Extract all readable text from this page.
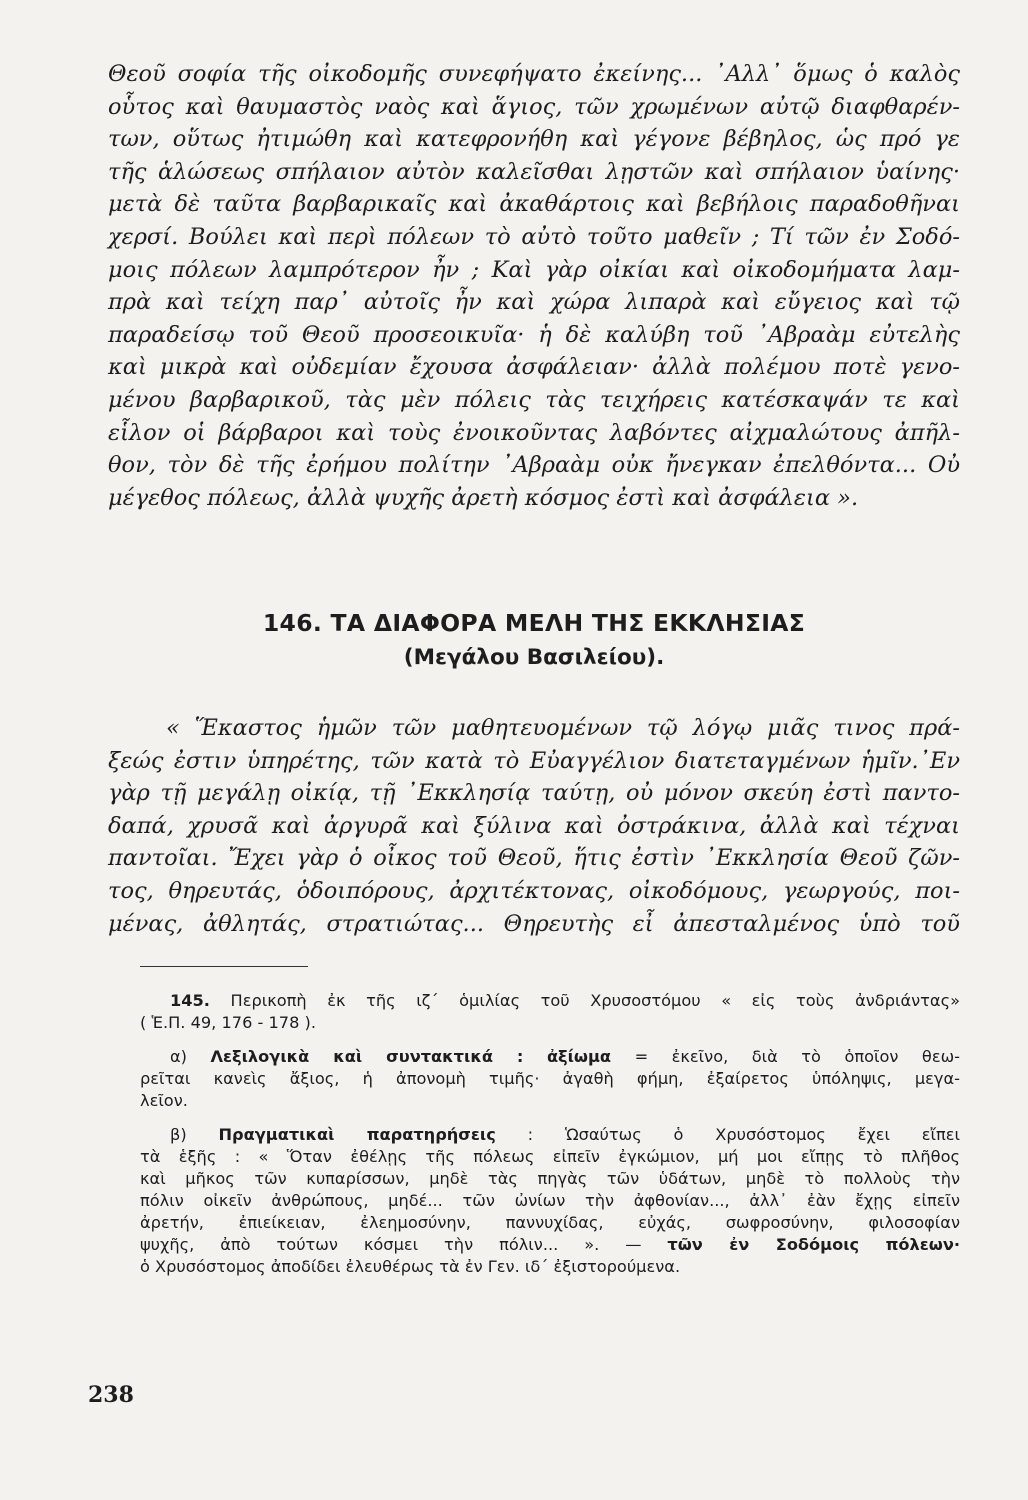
Θεοῦ σοφία τῆς οἰκοδομῆς συνεφήψατο ἐκείνης... ᾿Αλλ᾿ ὅμως ὁ καλὸς
οὗτος καὶ θαυμαστὸς ναὸς καὶ ἅγιος, τῶν χρωμένων αὐτῷ διαφθαρέν-
των, οὕτως ἠτιμώθη καὶ κατεφρονήθη καὶ γέγονε βέβηλος, ὡς πρό γε
τῆς ἁλώσεως σπήλαιον αὐτὸν καλεῖσθαι λῃστῶν καὶ σπήλαιον ὑαίνης·
μετὰ δὲ ταῦτα βαρβαρικαῖς καὶ ἀκαθάρτοις καὶ βεβήλοις παραδοθῆναι
χερσί. Βούλει καὶ περὶ πόλεων τὸ αὐτὸ τοῦτο μαθεῖν ; Τί τῶν ἐν Σοδό-
μοις πόλεων λαμπρότερον ἦν ; Καὶ γὰρ οἰκίαι καὶ οἰκοδομήματα λαμ-
πρὰ καὶ τείχη παρ᾿ αὐτοῖς ἦν καὶ χώρα λιπαρὰ καὶ εὔγειος καὶ τῷ
παραδείσῳ τοῦ Θεοῦ προσεοικυῖα· ἡ δὲ καλύβη τοῦ ᾿Αβραὰμ εὐτελὴς
καὶ μικρὰ καὶ οὐδεμίαν ἔχουσα ἀσφάλειαν· ἀλλὰ πολέμου ποτὲ γενο-
μένου βαρβαρικοῦ, τὰς μὲν πόλεις τὰς τειχήρεις κατέσκαψάν τε καὶ
εἷλον οἱ βάρβαροι καὶ τοὺς ἐνοικοῦντας λαβόντες αἰχμαλώτους ἀπῆλ-
θον, τὸν δὲ τῆς ἐρήμου πολίτην ᾿Αβραὰμ οὐκ ἤνεγκαν ἐπελθόντα... Οὐ
μέγεθος πόλεως, ἀλλὰ ψυχῆς ἀρετὴ κόσμος ἐστὶ καὶ ἀσφάλεια ».
146. ΤΑ ΔΙΑΦΟΡΑ ΜΕΛΗ ΤΗΣ ΕΚΚΛΗΣΙΑΣ
(Μεγάλου Βασιλείου).
« Ἕκαστος ἡμῶν τῶν μαθητευομένων τῷ λόγῳ μιᾶς τινος πρά-
ξεώς ἐστιν ὑπηρέτης, τῶν κατὰ τὸ Εὐαγγέλιον διατεταγμένων ἡμῖν.᾿Εν
γὰρ τῇ μεγάλῃ οἰκίᾳ, τῇ ᾿Εκκλησίᾳ ταύτῃ, οὐ μόνον σκεύη ἐστὶ παντο-
δαπά, χρυσᾶ καὶ ἀργυρᾶ καὶ ξύλινα καὶ ὀστράκινα, ἀλλὰ καὶ τέχναι
παντοῖαι. Ἔχει γὰρ ὁ οἶκος τοῦ Θεοῦ, ἥτις ἐστὶν ᾿Εκκλησία Θεοῦ ζῶν-
τος, θηρευτάς, ὁδοιπόρους, ἀρχιτέκτονας, οἰκοδόμους, γεωργούς, ποι-
μένας, ἀθλητάς, στρατιώτας... Θηρευτὴς εἶ ἀπεσταλμένος ὑπὸ τοῦ
145. Περικοπὴ ἐκ τῆς ιζ΄ ὁμιλίας τοῦ Χρυσοστόμου « εἰς τοὺς ἀνδριάντας»
( Ἑ.Π. 49, 176 - 178 ).
α) Λεξιλογικὰ καὶ συντακτικά : ἀξίωμα = ἐκεῖνο, διὰ τὸ ὁποῖον θεω-
ρεῖται κανεὶς ἄξιος, ἡ ἀπονομὴ τιμῆς· ἀγαθὴ φήμη, ἐξαίρετος ὑπόληψις, μεγα-
λεῖον.
β) Πραγματικαὶ παρατηρήσεις : Ὡσαύτως ὁ Χρυσόστομος ἔχει εἴπει
τὰ ἑξῆς : « Ὅταν ἐθέλῃς τῆς πόλεως εἰπεῖν ἐγκώμιον, μή μοι εἴπῃς τὸ πλῆθος
καὶ μῆκος τῶν κυπαρίσσων, μηδὲ τὰς πηγὰς τῶν ὑδάτων, μηδὲ τὸ πολλοὺς τὴν
πόλιν οἰκεῖν ἀνθρώπους, μηδέ... τῶν ὠνίων τὴν ἀφθονίαν..., ἀλλ᾿ ἐὰν ἔχῃς εἰπεῖν
ἀρετήν, ἐπιείκειαν, ἐλεημοσύνην, παννυχίδας, εὐχάς, σωφροσύνην, φιλοσοφίαν
ψυχῆς, ἀπὸ τούτων κόσμει τὴν πόλιν... ». — τῶν ἐν Σοδόμοις πόλεων·
ὁ Χρυσόστομος ἀποδίδει ἐλευθέρως τὰ ἐν Γεν. ιδ΄ ἐξιστορούμενα.
238
